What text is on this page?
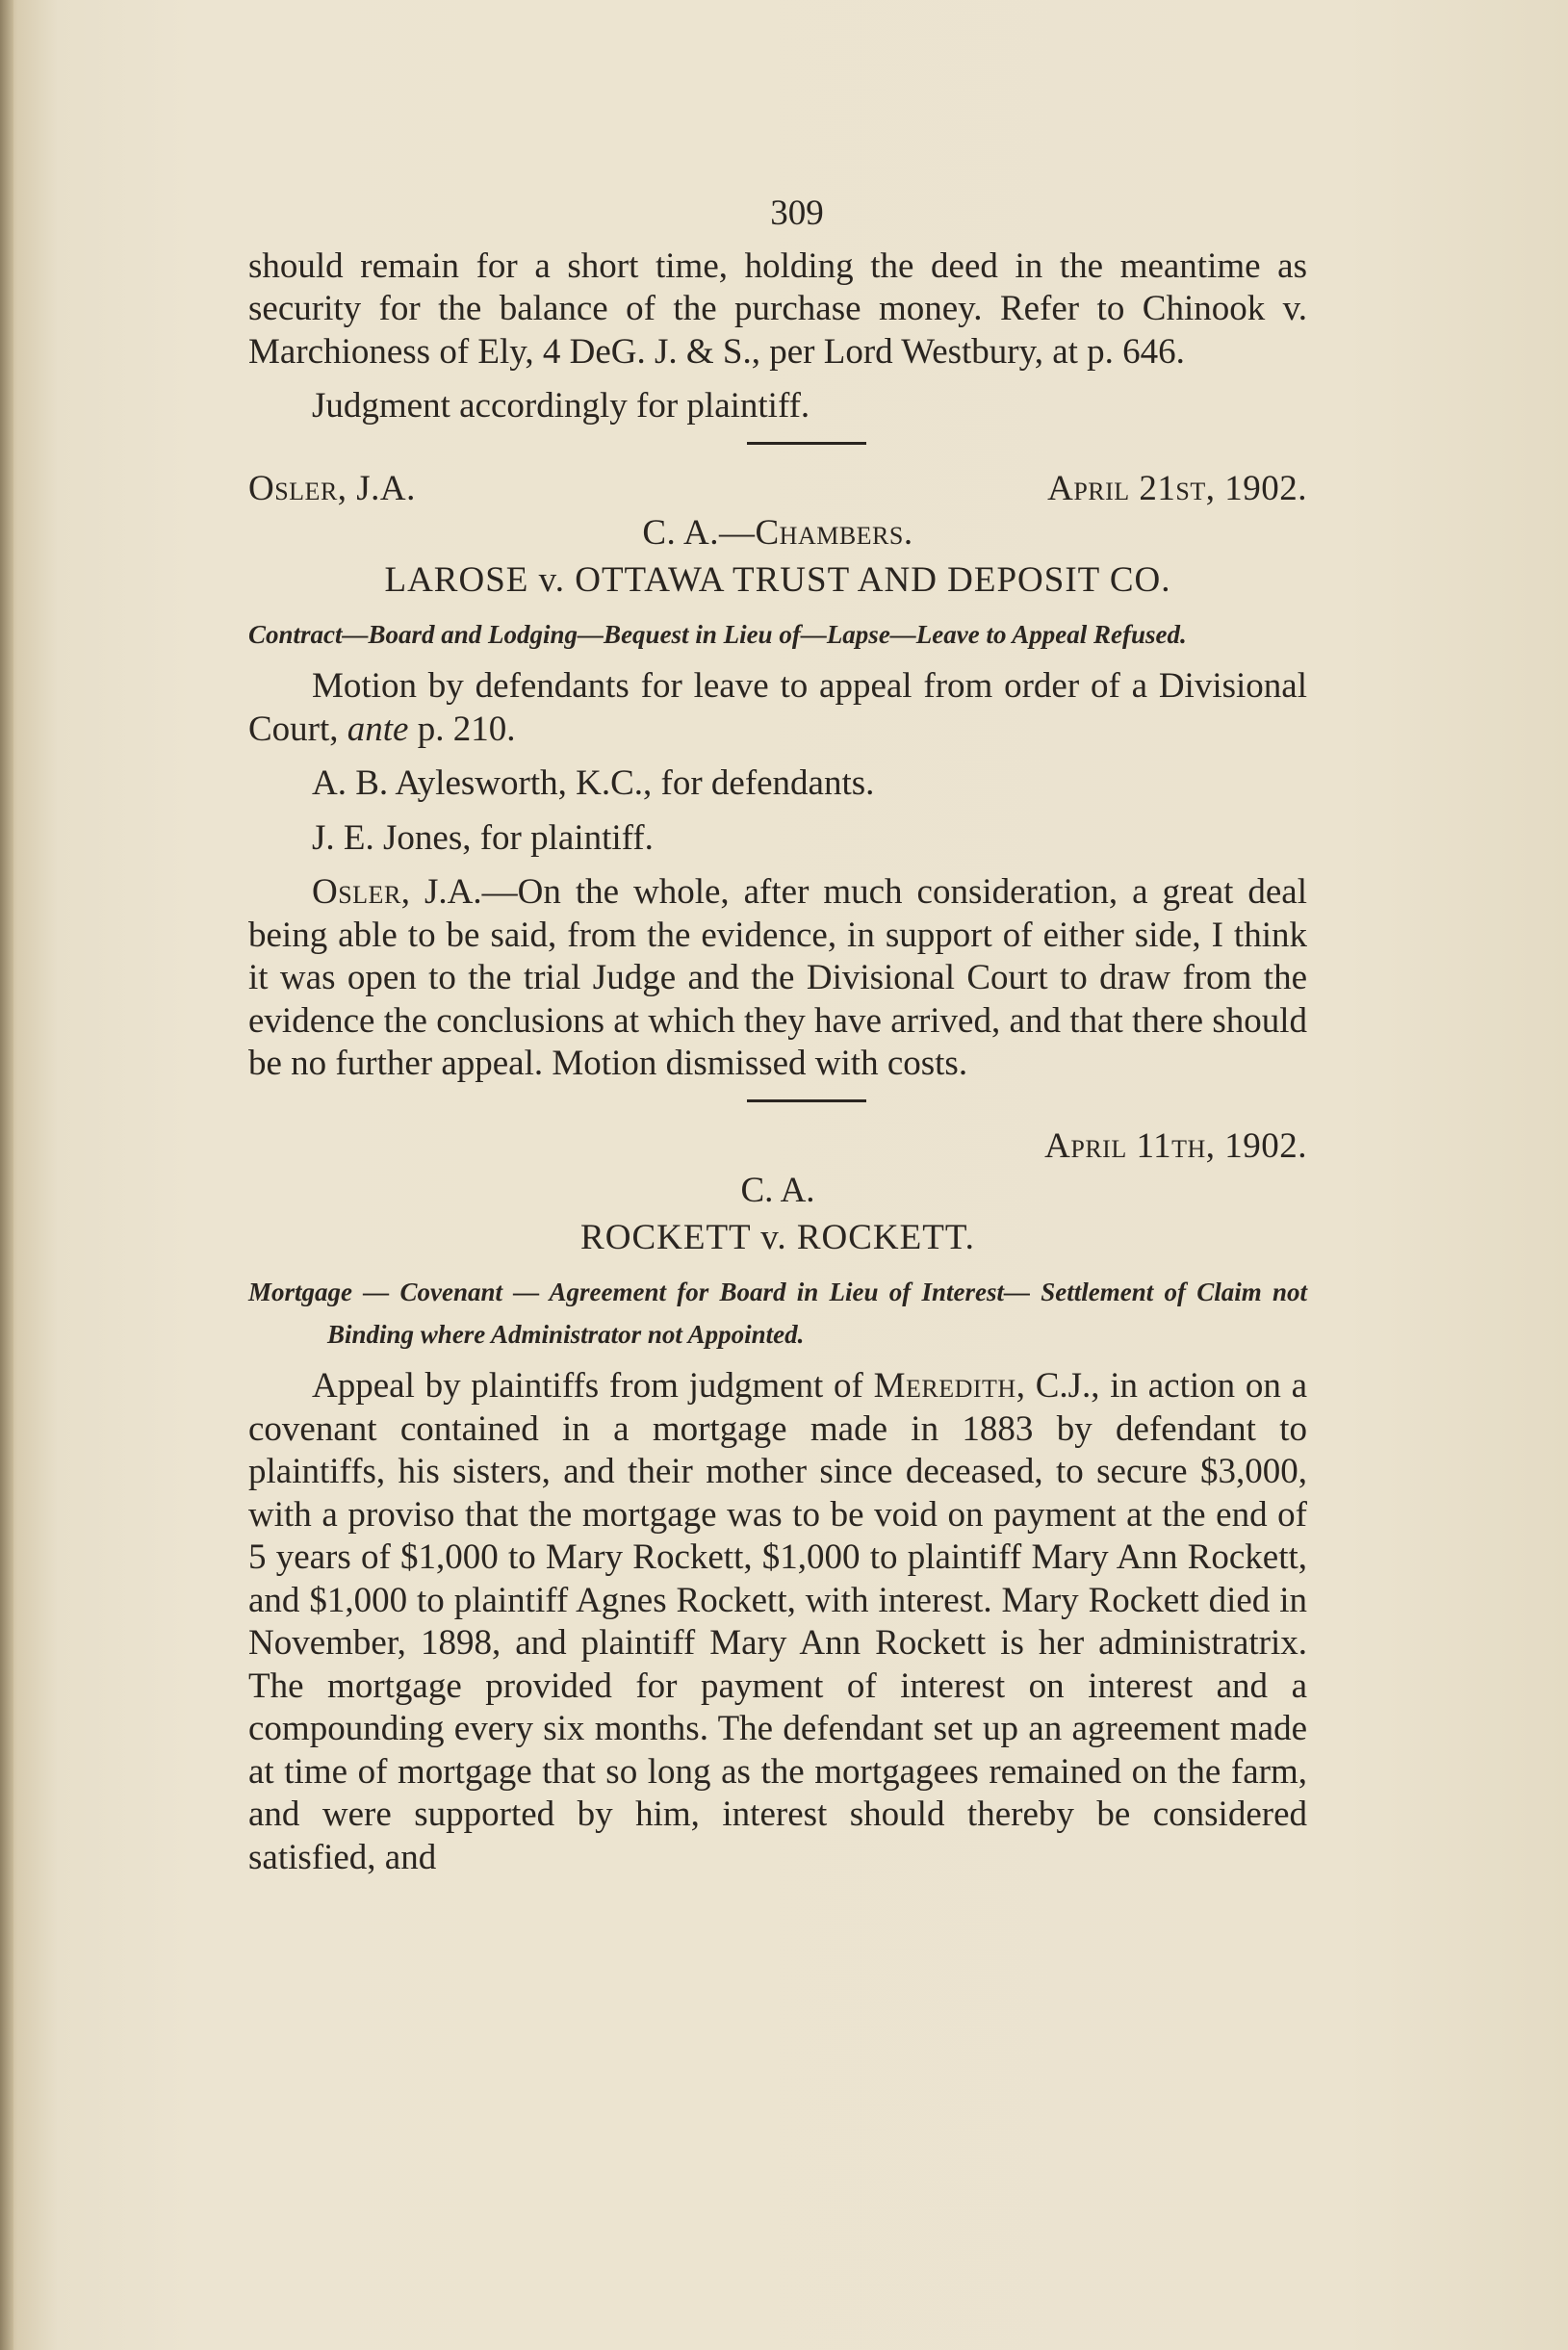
309

should remain for a short time, holding the deed in the meantime as security for the balance of the purchase money. Refer to Chinook v. Marchioness of Ely, 4 DeG. J. & S., per Lord Westbury, at p. 646.

Judgment accordingly for plaintiff.

Osler, J.A.	April 21st, 1902.
C. A.—Chambers.
LAROSE v. OTTAWA TRUST AND DEPOSIT CO.
Contract—Board and Lodging—Bequest in Lieu of—Lapse—Leave to Appeal Refused.

Motion by defendants for leave to appeal from order of a Divisional Court, ante p. 210.

A. B. Aylesworth, K.C., for defendants.

J. E. Jones, for plaintiff.

Osler, J.A.—On the whole, after much consideration, a great deal being able to be said, from the evidence, in support of either side, I think it was open to the trial Judge and the Divisional Court to draw from the evidence the conclusions at which they have arrived, and that there should be no further appeal. Motion dismissed with costs.

April 11th, 1902.
C. A.
ROCKETT v. ROCKETT.
Mortgage — Covenant — Agreement for Board in Lieu of Interest— Settlement of Claim not Binding where Administrator not Appointed.

Appeal by plaintiffs from judgment of Meredith, C.J., in action on a covenant contained in a mortgage made in 1883 by defendant to plaintiffs, his sisters, and their mother since deceased, to secure $3,000, with a proviso that the mortgage was to be void on payment at the end of 5 years of $1,000 to Mary Rockett, $1,000 to plaintiff Mary Ann Rockett, and $1,000 to plaintiff Agnes Rockett, with interest. Mary Rockett died in November, 1898, and plaintiff Mary Ann Rockett is her administratrix. The mortgage provided for payment of interest on interest and a compounding every six months. The defendant set up an agreement made at time of mortgage that so long as the mortgagees remained on the farm, and were supported by him, interest should thereby be considered satisfied, and
